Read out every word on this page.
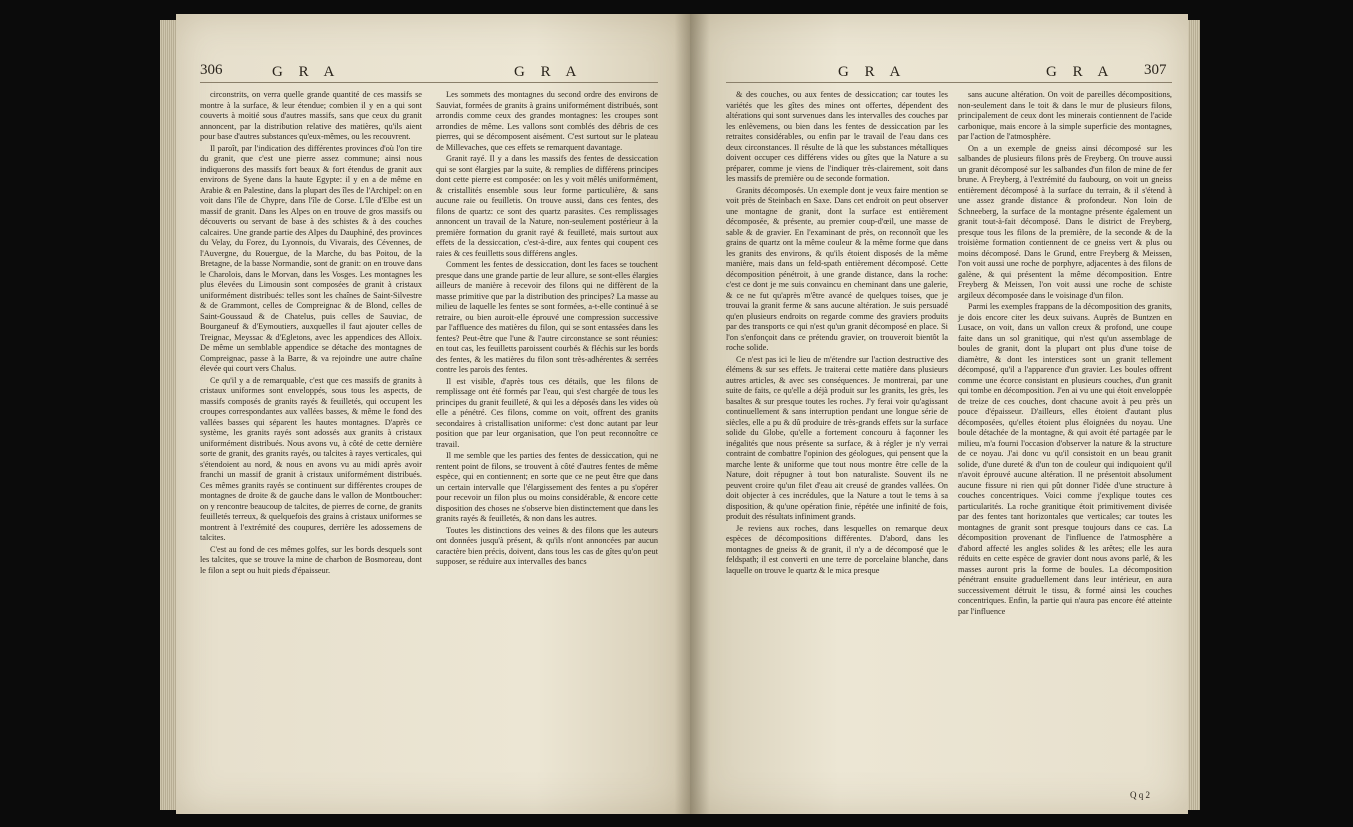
306	G R A	G R A

circonstrits, on verra quelle grande quantité de ces massifs se montre à la surface, & leur étendue; combien il y en a qui sont couverts à moitié sous d'autres massifs, sans que ceux du granit annoncent, par la distribution relative des matières, qu'ils aient pour base d'autres substances qu'eux-mêmes, ou les recouvrent.

Il paroît, par l'indication des différentes provinces d'où l'on tire du granit, que c'est une pierre assez commune; ainsi nous indiquerons des massifs fort beaux & fort étendus de granit aux environs de Syene dans la haute Egypte: il y en a de même en Arabie & en Palestine, dans la plupart des îles de l'Archipel: on en voit dans l'île de Chypre, dans l'île de Corse. L'île d'Elbe est un massif de granit. Dans les Alpes on en trouve de gros massifs ou découverts ou servant de base à des schistes & à des couches calcaires. Une grande partie des Alpes du Dauphiné, des provinces du Velay, du Forez, du Lyonnois, du Vivarais, des Cévennes, de l'Auvergne, du Rouergue, de la Marche, du bas Poitou, de la Bretagne, de la basse Normandie, sont de granit: on en trouve dans le Charolois, dans le Morvan, dans les Vosges. Les montagnes les plus élevées du Limousin sont composées de granit à cristaux uniformément distribués: telles sont les chaînes de Saint-Silvestre & de Grammont, celles de Compreignac & de Blond, celles de Saint-Goussaud & de Chatelus, puis celles de Sauviac, de Bourganeuf & d'Eymoutiers, auxquelles il faut ajouter celles de Treignac, Meyssac & d'Egletons, avec les appendices des Alloix. De même un semblable appendice se détache des montagnes de Compreignac, passe à la Barre, & va rejoindre une autre chaîne élevée qui court vers Chalus.

Ce qu'il y a de remarquable, c'est que ces massifs de granits à cristaux uniformes sont enveloppés, sous tous les aspects, de massifs composés de granits rayés & feuilletés, qui occupent les croupes correspondantes aux vallées basses, & même le fond des vallées basses qui séparent les hautes montagnes. D'après ce système, les granits rayés sont adossés aux granits à cristaux uniformément distribués. Nous avons vu, à côté de cette dernière sorte de granit, des granits rayés, ou talcites à rayes verticales, qui s'étendoient au nord, & nous en avons vu au midi après avoir franchi un massif de granit à cristaux uniformément distribués. Ces mêmes granits rayés se continuent sur différentes croupes de montagnes de droite & de gauche dans le vallon de Montboucher: on y rencontre beaucoup de talcites, de pierres de corne, de granits feuilletés terreux, & quelquefois des grains à cristaux uniformes se montrent à l'extrémité des coupures, derrière les adossemens de talcites.

C'est au fond de ces mêmes golfes, sur les bords desquels sont les talcites, que se trouve la mine de charbon de Bosmoreau, dont le filon a sept ou huit pieds d'épaisseur.

Les sommets des montagnes du second ordre des environs de Sauviat, formées de granits à grains uniformément distribués, sont arrondis comme ceux des grandes montagnes: les croupes sont arrondies de même. Les vallons sont comblés des débris de ces pierres, qui se décomposent aisément. C'est surtout sur le plateau de Millevaches, que ces effets se remarquent davantage.

Granit rayé. Il y a dans les massifs des fentes de dessiccation qui se sont élargies par la suite, & remplies de différens principes dont cette pierre est composée: on les y voit mêlés uniformément, & cristallités ensemble sous leur forme particulière, & sans aucune raie ou feuilletis. On trouve aussi, dans ces fentes, des filons de quartz: ce sont des quartz parasites. Ces remplissages annoncent un travail de la Nature, non-seulement postérieur à la première formation du granit rayé & feuilleté, mais surtout aux effets de la dessiccation, c'est-à-dire, aux fentes qui coupent ces raies & ces feuilletts sous différens angles.

Comment les fentes de dessiccation, dont les faces se touchent presque dans une grande partie de leur allure, se sont-elles élargies ailleurs de manière à recevoir des filons qui ne diffèrent de la masse primitive que par la distribution des principes? La masse au milieu de laquelle les fentes se sont formées, a-t-elle continué à se retraire, ou bien auroit-elle éprouvé une compression successive par l'affluence des matières du filon, qui se sont entassées dans les fentes? Peut-être que l'une & l'autre circonstance se sont réunies: en tout cas, les feuilletts paroissent courbés & fléchis sur les bords des fentes, & les matières du filon sont très-adhérentes & serrées contre les parois des fentes.

Il est visible, d'après tous ces détails, que les filons de remplissage ont été formés par l'eau, qui s'est chargée de tous les principes du granit feuilleté, & qui les a déposés dans les vides où elle a pénétré. Ces filons, comme on voit, offrent des granits secondaires à cristallisation uniforme: c'est donc autant par leur position que par leur organisation, que l'on peut reconnoître ce travail.

Il me semble que les parties des fentes de dessiccation, qui ne rentent point de filons, se trouvent à côté d'autres fentes de même espèce, qui en contiennent; en sorte que ce ne peut être que dans un certain intervalle que l'élargissement des fentes a pu s'opérer pour recevoir un filon plus ou moins considérable, & encore cette disposition des choses ne s'observe bien distinctement que dans les granits rayés & feuilletés, & non dans les autres.

Toutes les distinctions des veines & des filons que les auteurs ont données jusqu'à présent, & qu'ils n'ont annoncées par aucun caractère bien précis, doivent, dans tous les cas de gîtes qu'on peut supposer, se réduire aux intervalles des bancs

G R A	G R A 307

& des couches, ou aux fentes de dessiccation; car toutes les variétés que les gîtes des mines ont offertes, dépendent des altérations qui sont survenues dans les intervalles des couches par les enlèvemens, ou bien dans les fentes de dessiccation par les retraites considérables, ou enfin par le travail de l'eau dans ces deux circonstances. Il résulte de là que les substances métalliques doivent occuper ces différens vides ou gîtes que la Nature a su préparer, comme je viens de l'indiquer très-clairement, soit dans les massifs de première ou de seconde formation.

Granits décomposés. Un exemple dont je veux faire mention se voit près de Steinbach en Saxe. Dans cet endroit on peut observer une montagne de granit, dont la surface est entièrement décomposée, & présente, au premier coup-d'œil, une masse de sable & de gravier. En l'examinant de près, on reconnoît que les grains de quartz ont la même couleur & la même forme que dans les granits des environs, & qu'ils étoient disposés de la même manière, mais dans un feld-spath entièrement décomposé. Cette décomposition pénétroit, à une grande distance, dans la roche: c'est ce dont je me suis convaincu en cheminant dans une galerie, & ce ne fut qu'après m'être avancé de quelques toises, que je trouvai la granit ferme & sans aucune altération. Je suis persuadé qu'en plusieurs endroits on regarde comme des graviers produits par des transports ce qui n'est qu'un granit décomposé en place. Si l'on s'enfonçoit dans ce prétendu gravier, on trouveroit bientôt la roche solide.

Ce n'est pas ici le lieu de m'étendre sur l'action destructive des élémens & sur ses effets. Je traiterai cette matière dans plusieurs autres articles, & avec ses conséquences. Je montrerai, par une suite de faits, ce qu'elle a déjà produit sur les granits, les grès, les basaltes & sur presque toutes les roches. J'y ferai voir qu'agissant continuellement & sans interruption pendant une longue série de siècles, elle a pu & dû produire de très-grands effets sur la surface solide du Globe, qu'elle a fortement concouru à façonner les inégalités que nous présente sa surface, & à régler je n'y verrai contraint de combattre l'opinion des géologues, qui pensent que la marche lente & uniforme que tout nous montre être celle de la Nature, doit répugner à tout bon naturaliste. Souvent ils ne peuvent croire qu'un filet d'eau ait creusé de grandes vallées. On doit objecter à ces incrédules, que la Nature a tout le tems à sa disposition, & qu'une opération finie, répétée une infinité de fois, produit des résultats infiniment grands.

Je reviens aux roches, dans lesquelles on remarque deux espèces de décompositions différentes. D'abord, dans les montagnes de gneiss & de granit, il n'y a de décomposé que le feldspath; il est converti en une terre de porcelaine blanche, dans laquelle on trouve le quartz & le mica presque

sans aucune altération. On voit de pareilles décompositions, non-seulement dans le toit & dans le mur de plusieurs filons, principalement de ceux dont les minerais contiennent de l'acide carbonique, mais encore à la simple superficie des montagnes, par l'action de l'atmosphère.

On a un exemple de gneiss ainsi décomposé sur les salbandes de plusieurs filons près de Freyberg. On trouve aussi un granit décomposé sur les salbandes d'un filon de mine de fer brune. A Freyberg, à l'extrémité du faubourg, on voit un gneiss entièrement décomposé à la surface du terrain, & il s'étend à une assez grande distance & profondeur. Non loin de Schneeberg, la surface de la montagne présente également un granit tout-à-fait décomposé. Dans le district de Freyberg, presque tous les filons de la première, de la seconde & de la troisième formation contiennent de ce gneiss vert & plus ou moins décomposé. Dans le Grund, entre Freyberg & Meissen, l'on voit aussi une roche de porphyre, adjacentes à des filons de galène, & qui présentent la même décomposition. Entre Freyberg & Meissen, l'on voit aussi une roche de schiste argileux décomposée dans le voisinage d'un filon.

Parmi les exemples frappans de la décomposition des granits, je dois encore citer les deux suivans. Auprès de Buntzen en Lusace, on voit, dans un vallon creux & profond, une coupe faite dans un sol granitique, qui n'est qu'un assemblage de boules de granit, dont la plupart ont plus d'une toise de diamètre, & dont les interstices sont un granit tellement décomposé, qu'il a l'apparence d'un gravier. Les boules offrent comme une écorce consistant en plusieurs couches, d'un granit qui tombe en décomposition. J'en ai vu une qui étoit enveloppée de treize de ces couches, dont chacune avoit à peu près un pouce d'épaisseur. D'ailleurs, elles étoient d'autant plus décomposées, qu'elles étoient plus éloignées du noyau. Une boule détachée de la montagne, & qui avoit été partagée par le milieu, m'a fourni l'occasion d'observer la nature & la structure de ce noyau. J'ai donc vu qu'il consistoit en un beau granit solide, d'une dureté & d'un ton de couleur qui indiquoient qu'il n'avoit éprouvé aucune altération. Il ne présentoit absolument aucune fissure ni rien qui pût donner l'idée d'une structure à couches concentriques. Voici comme j'explique toutes ces particularités. La roche granitique étoit primitivement divisée par des fentes tant horizontales que verticales; car toutes les montagnes de granit sont presque toujours dans ce cas. La décomposition provenant de l'influence de l'atmosphère a d'abord affecté les angles solides & les arêtes; elle les aura réduits en cette espèce de gravier dont nous avons parlé, & les masses auront pris la forme de boules. La décomposition pénétrant ensuite graduellement dans leur intérieur, en aura successivement détruit le tissu, & formé ainsi les couches concentriques. Enfin, la partie qui n'aura pas encore été atteinte par l'influence

Q q 2
